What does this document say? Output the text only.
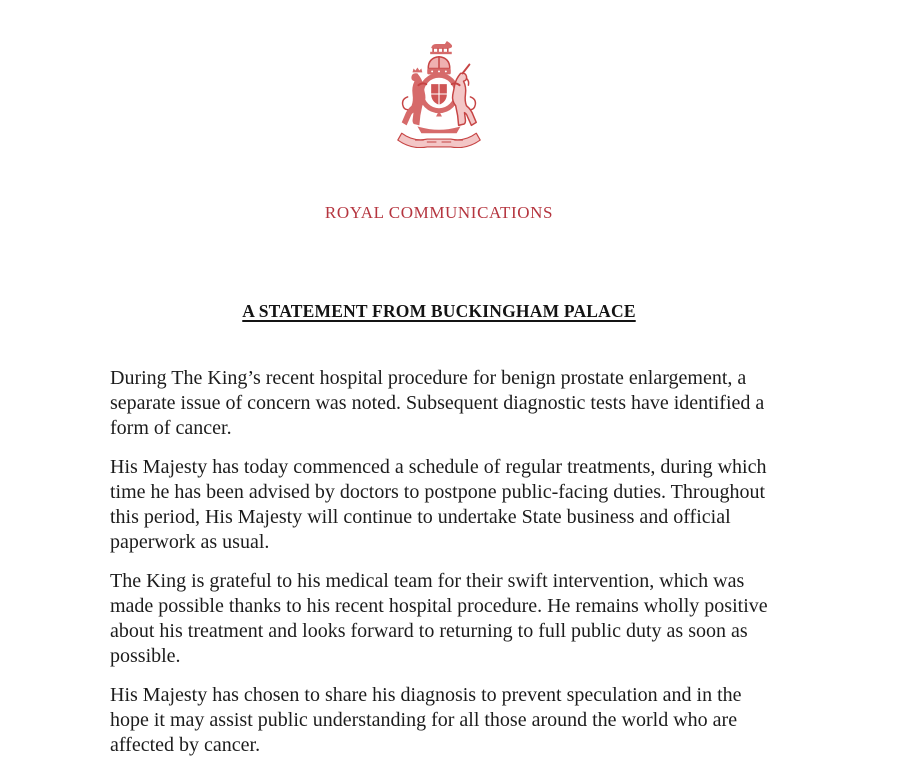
ROYAL COMMUNICATIONS
A STATEMENT FROM BUCKINGHAM PALACE

During The King’s recent hospital procedure for benign prostate enlargement, a separate issue of concern was noted. Subsequent diagnostic tests have identified a form of cancer.

His Majesty has today commenced a schedule of regular treatments, during which time he has been advised by doctors to postpone public-facing duties. Throughout this period, His Majesty will continue to undertake State business and official paperwork as usual.

The King is grateful to his medical team for their swift intervention, which was made possible thanks to his recent hospital procedure. He remains wholly positive about his treatment and looks forward to returning to full public duty as soon as possible.

His Majesty has chosen to share his diagnosis to prevent speculation and in the hope it may assist public understanding for all those around the world who are affected by cancer.
